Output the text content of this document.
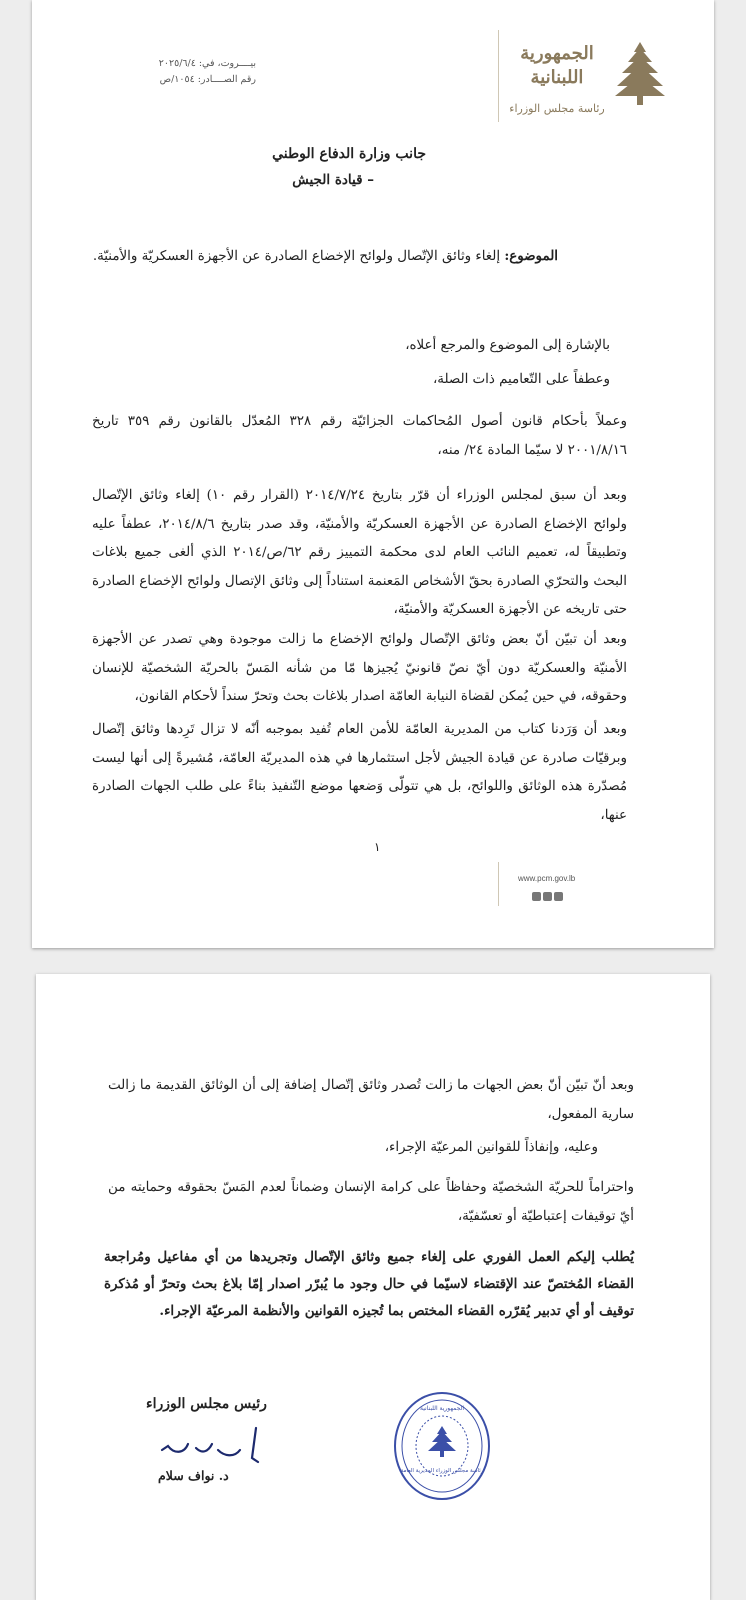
الجمهورية اللبنانية
رئاسة مجلس الوزراء
بيــــروت، في: ٢٠٢٥/٦/٤
رقم الصــــادر: ١٠٥٤/ص
جانب وزارة الدفاع الوطني
– قيادة الجيش
الموضوع: إلغاء وثائق الإتّصال ولوائح الإخضاع الصادرة عن الأجهزة العسكريّة والأمنيّة.
بالإشارة إلى الموضوع والمرجع أعلاه،
وعطفاً على التّعاميم ذات الصلة،
وعملاً بأحكام قانون أصول المُحاكمات الجزائيّة رقم ٣٢٨ المُعدّل بالقانون رقم ٣٥٩ تاريخ ٢٠٠١/٨/١٦ لا سيّما المادة ٢٤/ منه،
وبعد أن سبق لمجلس الوزراء أن قرّر بتاريخ ٢٠١٤/٧/٢٤ (القرار رقم ١٠) إلغاء وثائق الإتّصال ولوائح الإخضاع الصادرة عن الأجهزة العسكريّة والأمنيّة، وقد صدر بتاريخ ٢٠١٤/٨/٦، عطفاً عليه وتطبيقاً له، تعميم النائب العام لدى محكمة التمييز رقم ٦٢/ص/٢٠١٤ الذي ألغى جميع بلاغات البحث والتحرّي الصادرة بحقّ الأشخاص المَعنمة استناداً إلى وثائق الإتصال ولوائح الإخضاع الصادرة حتى تاريخه عن الأجهزة العسكريّة والأمنيّة،
وبعد أن تبيّن أنّ بعض وثائق الإتّصال ولوائح الإخضاع ما زالت موجودة وهي تصدر عن الأجهزة الأمنيّة والعسكريّة دون أيّ نصّ قانونيّ يُجيزها مّا من شأنه المَسّ بالحريّة الشخصيّة للإنسان وحقوقه، في حين يُمكن لقضاة النيابة العامّة اصدار بلاغات بحث وتحرّ سنداً لأحكام القانون،
وبعد أن وَرَدنا كتاب من المديرية العامّة للأمن العام تُفيد بموجبه أنّه لا تزال تَرِدها وثائق إتّصال وبرقيّات صادرة عن قيادة الجيش لأجل استثمارها في هذه المديريّة العامّة، مُشيرةً إلى أنها ليست مُصدّرة هذه الوثائق واللوائح، بل هي تتولّى وَضعها موضع التّنفيذ بناءً على طلب الجهات الصادرة عنها،
١
www.pcm.gov.lb
وبعد أنّ تبيّن أنّ بعض الجهات ما زالت تُصدر وثائق إتّصال إضافة إلى أن الوثائق القديمة ما زالت سارية المفعول،
وعليه، وإنفاذاً للقوانين المرعيّة الإجراء،
واحتراماً للحريّة الشخصيّة وحفاظاً على كرامة الإنسان وضماناً لعدم المَسّ بحقوقه وحمايته من أيّ توقيفات إعتباطيّة أو تعسّفيّة،
يُطلب إليكم العمل الفوري على إلغاء جميع وثائق الإتّصال وتجريدها من أي مفاعيل ومُراجعة القضاء المُختصّ عند الإقتضاء لاسيّما في حال وجود ما يُبرّر اصدار إمّا بلاغ بحث وتحرّ أو مُذكرة توقيف أو أي تدبير يُقرّره القضاء المختص بما تُجيزه القوانين والأنظمة المرعيّة الإجراء.
رئيس مجلس الوزراء
د. نواف سلام
الجمهورية اللبنانية
رئاسة مجلس الوزراء المديرية العامة
